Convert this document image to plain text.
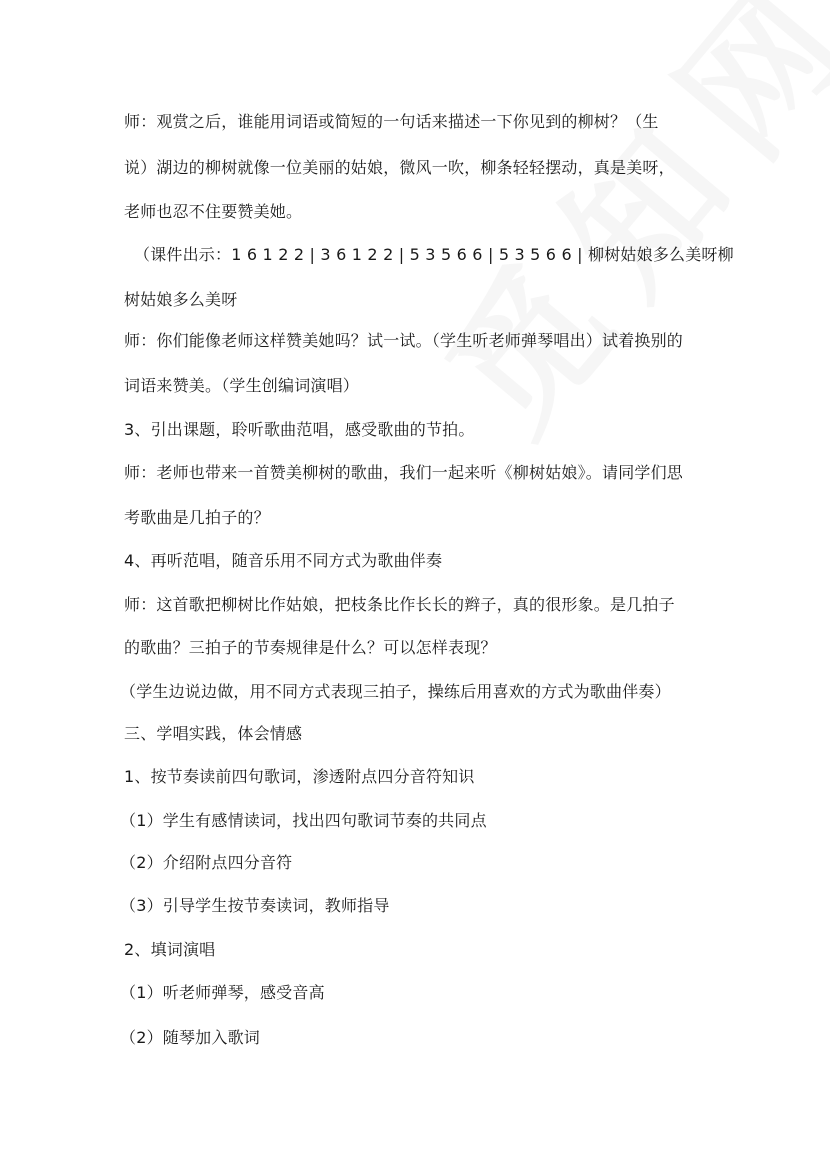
师：观赏之后，谁能用词语或简短的一句话来描述一下你见到的柳树？（生
说）湖边的柳树就像一位美丽的姑娘，微风一吹，柳条轻轻摆动，真是美呀，
老师也忍不住要赞美她。
（课件出示：1 6 1 2 2 | 3 6 1 2 2 | 5 3 5 6 6 | 5 3 5 6 6 | 柳树姑娘多么美呀柳
树姑娘多么美呀
师：你们能像老师这样赞美她吗？试一试。（学生听老师弹琴唱出）试着换别的
词语来赞美。（学生创编词演唱）
3、引出课题，聆听歌曲范唱，感受歌曲的节拍。
师：老师也带来一首赞美柳树的歌曲，我们一起来听《柳树姑娘》。请同学们思
考歌曲是几拍子的？
4、再听范唱，随音乐用不同方式为歌曲伴奏
师：这首歌把柳树比作姑娘，把枝条比作长长的辫子，真的很形象。是几拍子
的歌曲？三拍子的节奏规律是什么？可以怎样表现？
（学生边说边做，用不同方式表现三拍子，操练后用喜欢的方式为歌曲伴奏）
三、学唱实践，体会情感
1、按节奏读前四句歌词，渗透附点四分音符知识
（1）学生有感情读词，找出四句歌词节奏的共同点
（2）介绍附点四分音符
（3）引导学生按节奏读词，教师指导
2、填词演唱
（1）听老师弹琴，感受音高
（2）随琴加入歌词
